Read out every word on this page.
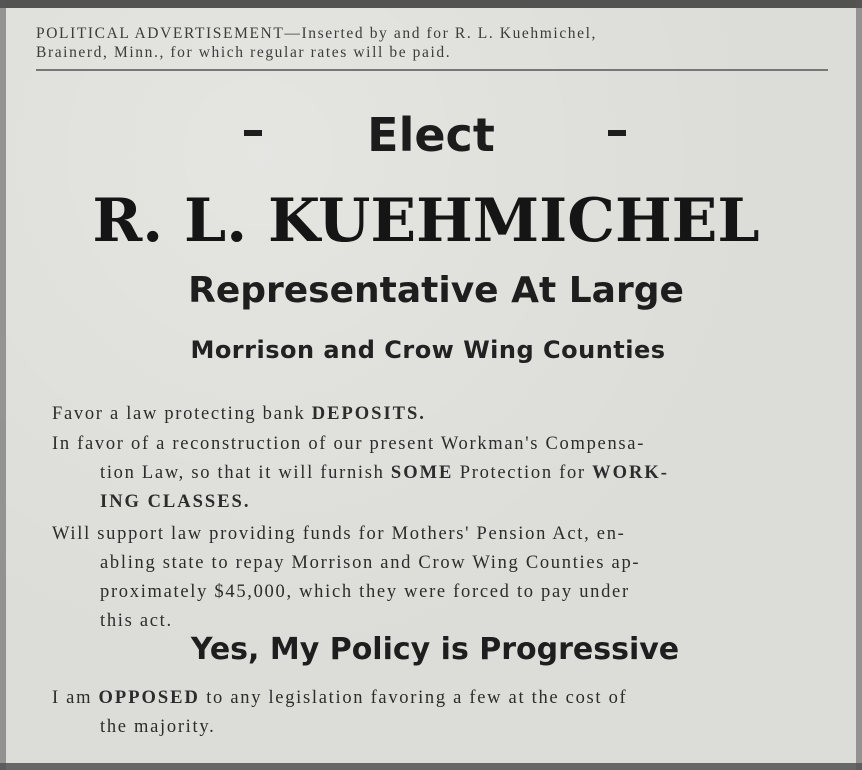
POLITICAL ADVERTISEMENT—Inserted by and for R. L. Kuehmichel,
Brainerd, Minn., for which regular rates will be paid.
Elect
R. L. KUEHMICHEL
Representative At Large
Morrison and Crow Wing Counties
Favor a law protecting bank DEPOSITS.
In favor of a reconstruction of our present Workman's Compensa-
tion Law, so that it will furnish SOME Protection for WORK-
ING CLASSES.
Will support law providing funds for Mothers' Pension Act, en-
abling state to repay Morrison and Crow Wing Counties ap-
proximately $45,000, which they were forced to pay under
this act.
Yes, My Policy is Progressive
I am OPPOSED to any legislation favoring a few at the cost of
the majority.
